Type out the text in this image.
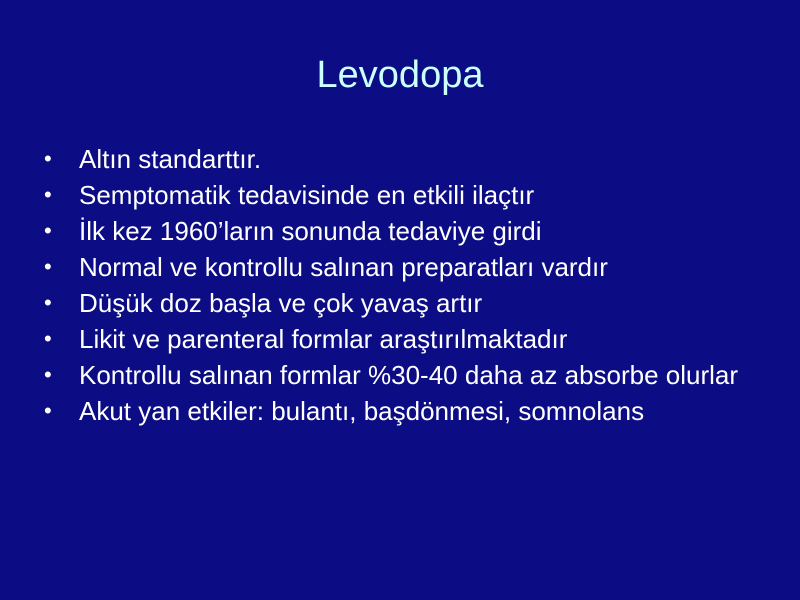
Levodopa
• Altın standarttır.
• Semptomatik tedavisinde en etkili ilaçtır
• İlk kez 1960’ların sonunda tedaviye girdi
• Normal ve kontrollu salınan preparatları vardır
• Düşük doz başla ve çok yavaş artır
• Likit ve parenteral formlar araştırılmaktadır
• Kontrollu salınan formlar %30-40 daha az absorbe olurlar
• Akut yan etkiler: bulantı, başdönmesi, somnolans
